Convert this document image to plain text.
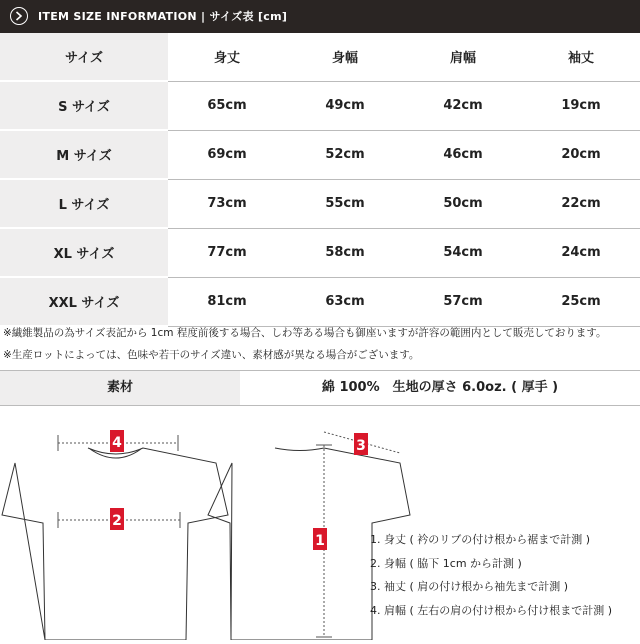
ITEM SIZE INFORMATION | サイズ表 [cm]
サイズ	身丈	身幅	肩幅	袖丈
S サイズ	65cm	49cm	42cm	19cm
M サイズ	69cm	52cm	46cm	20cm
L サイズ	73cm	55cm	50cm	22cm
XL サイズ	77cm	58cm	54cm	24cm
XXL サイズ	81cm	63cm	57cm	25cm
※繊維製品の為サイズ表記から 1cm 程度前後する場合、しわ等ある場合も御座いますが許容の範囲内として販売しております。
※生産ロットによっては、色味や若干のサイズ違い、素材感が異なる場合がございます。
素材	綿 100%　生地の厚さ 6.0oz. ( 厚手 )
4
2
3
1	1. 身丈 ( 衿のリブの付け根から裾まで計測 )
2. 身幅 ( 脇下 1cm から計測 )
3. 袖丈 ( 肩の付け根から袖先まで計測 )
4. 肩幅 ( 左右の肩の付け根から付け根まで計測 )
